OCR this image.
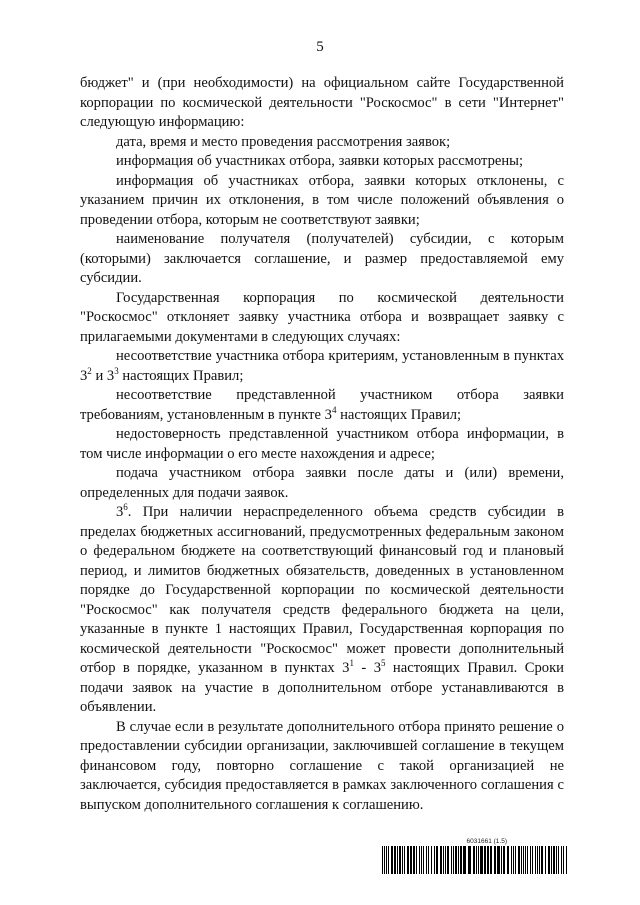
5

бюджет" и (при необходимости) на официальном сайте Государственной корпорации по космической деятельности "Роскосмос" в сети "Интернет" следующую информацию:

дата, время и место проведения рассмотрения заявок;

информация об участниках отбора, заявки которых рассмотрены;

информация об участниках отбора, заявки которых отклонены, с указанием причин их отклонения, в том числе положений объявления о проведении отбора, которым не соответствуют заявки;

наименование получателя (получателей) субсидии, с которым (которыми) заключается соглашение, и размер предоставляемой ему субсидии.

Государственная корпорация по космической деятельности "Роскосмос" отклоняет заявку участника отбора и возвращает заявку с прилагаемыми документами в следующих случаях:

несоответствие участника отбора критериям, установленным в пунктах $3^2$ и $3^3$ настоящих Правил;

несоответствие представленной участником отбора заявки требованиям, установленным в пункте $3^4$ настоящих Правил;

недостоверность представленной участником отбора информации, в том числе информации о его месте нахождения и адресе;

подача участником отбора заявки после даты и (или) времени, определенных для подачи заявок.

$3^6$. При наличии нераспределенного объема средств субсидии в пределах бюджетных ассигнований, предусмотренных федеральным законом о федеральном бюджете на соответствующий финансовый год и плановый период, и лимитов бюджетных обязательств, доведенных в установленном порядке до Государственной корпорации по космической деятельности "Роскосмос" как получателя средств федерального бюджета на цели, указанные в пункте 1 настоящих Правил, Государственная корпорация по космической деятельности "Роскосмос" может провести дополнительный отбор в порядке, указанном в пунктах $3^1 - 3^5$ настоящих Правил. Сроки подачи заявок на участие в дополнительном отборе устанавливаются в объявлении.

В случае если в результате дополнительного отбора принято решение о предоставлении субсидии организации, заключившей соглашение в текущем финансовом году, повторно соглашение с такой организацией не заключается, субсидия предоставляется в рамках заключенного соглашения с выпуском дополнительного соглашения к соглашению.

6031661 (1.5)
